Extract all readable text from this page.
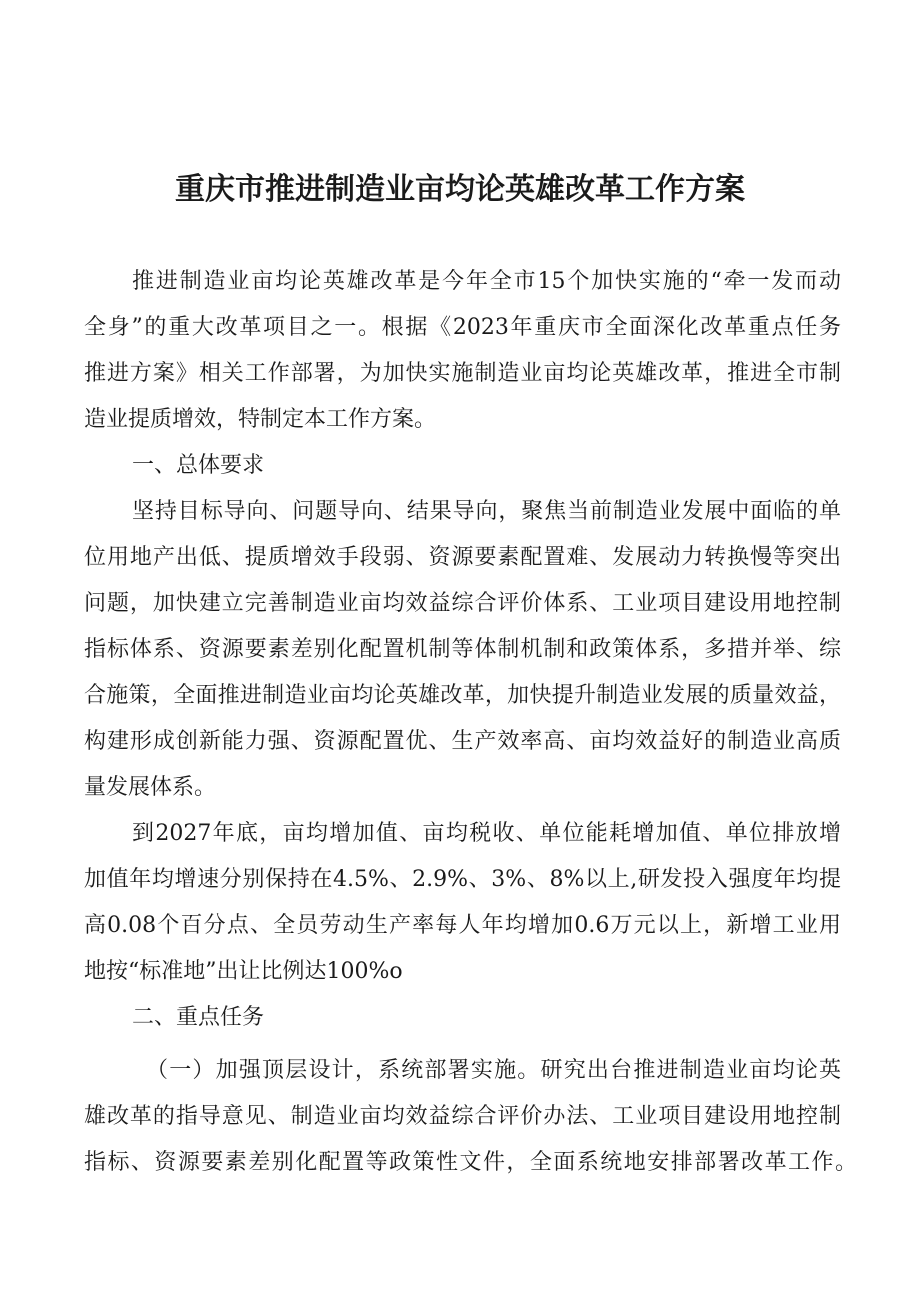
重庆市推进制造业亩均论英雄改革工作方案

推进制造业亩均论英雄改革是今年全市15个加快实施的“牵一发而动

全身”的重大改革项目之一。根据《2023年重庆市全面深化改革重点任务

推进方案》相关工作部署，为加快实施制造业亩均论英雄改革，推进全市制

造业提质增效，特制定本工作方案。

一、总体要求

坚持目标导向、问题导向、结果导向，聚焦当前制造业发展中面临的单

位用地产出低、提质增效手段弱、资源要素配置难、发展动力转换慢等突出

问题，加快建立完善制造业亩均效益综合评价体系、工业项目建设用地控制

指标体系、资源要素差别化配置机制等体制机制和政策体系，多措并举、综

合施策，全面推进制造业亩均论英雄改革，加快提升制造业发展的质量效益，

构建形成创新能力强、资源配置优、生产效率高、亩均效益好的制造业高质

量发展体系。

到2027年底，亩均增加值、亩均税收、单位能耗增加值、单位排放增

加值年均增速分别保持在4.5%、2.9%、3%、8%以上,研发投入强度年均提

高0.08个百分点、全员劳动生产率每人年均增加0.6万元以上，新增工业用

地按“标准地”出让比例达100%o

二、重点任务

（一）加强顶层设计，系统部署实施。研究出台推进制造业亩均论英

雄改革的指导意见、制造业亩均效益综合评价办法、工业项目建设用地控制

指标、资源要素差别化配置等政策性文件，全面系统地安排部署改革工作。
